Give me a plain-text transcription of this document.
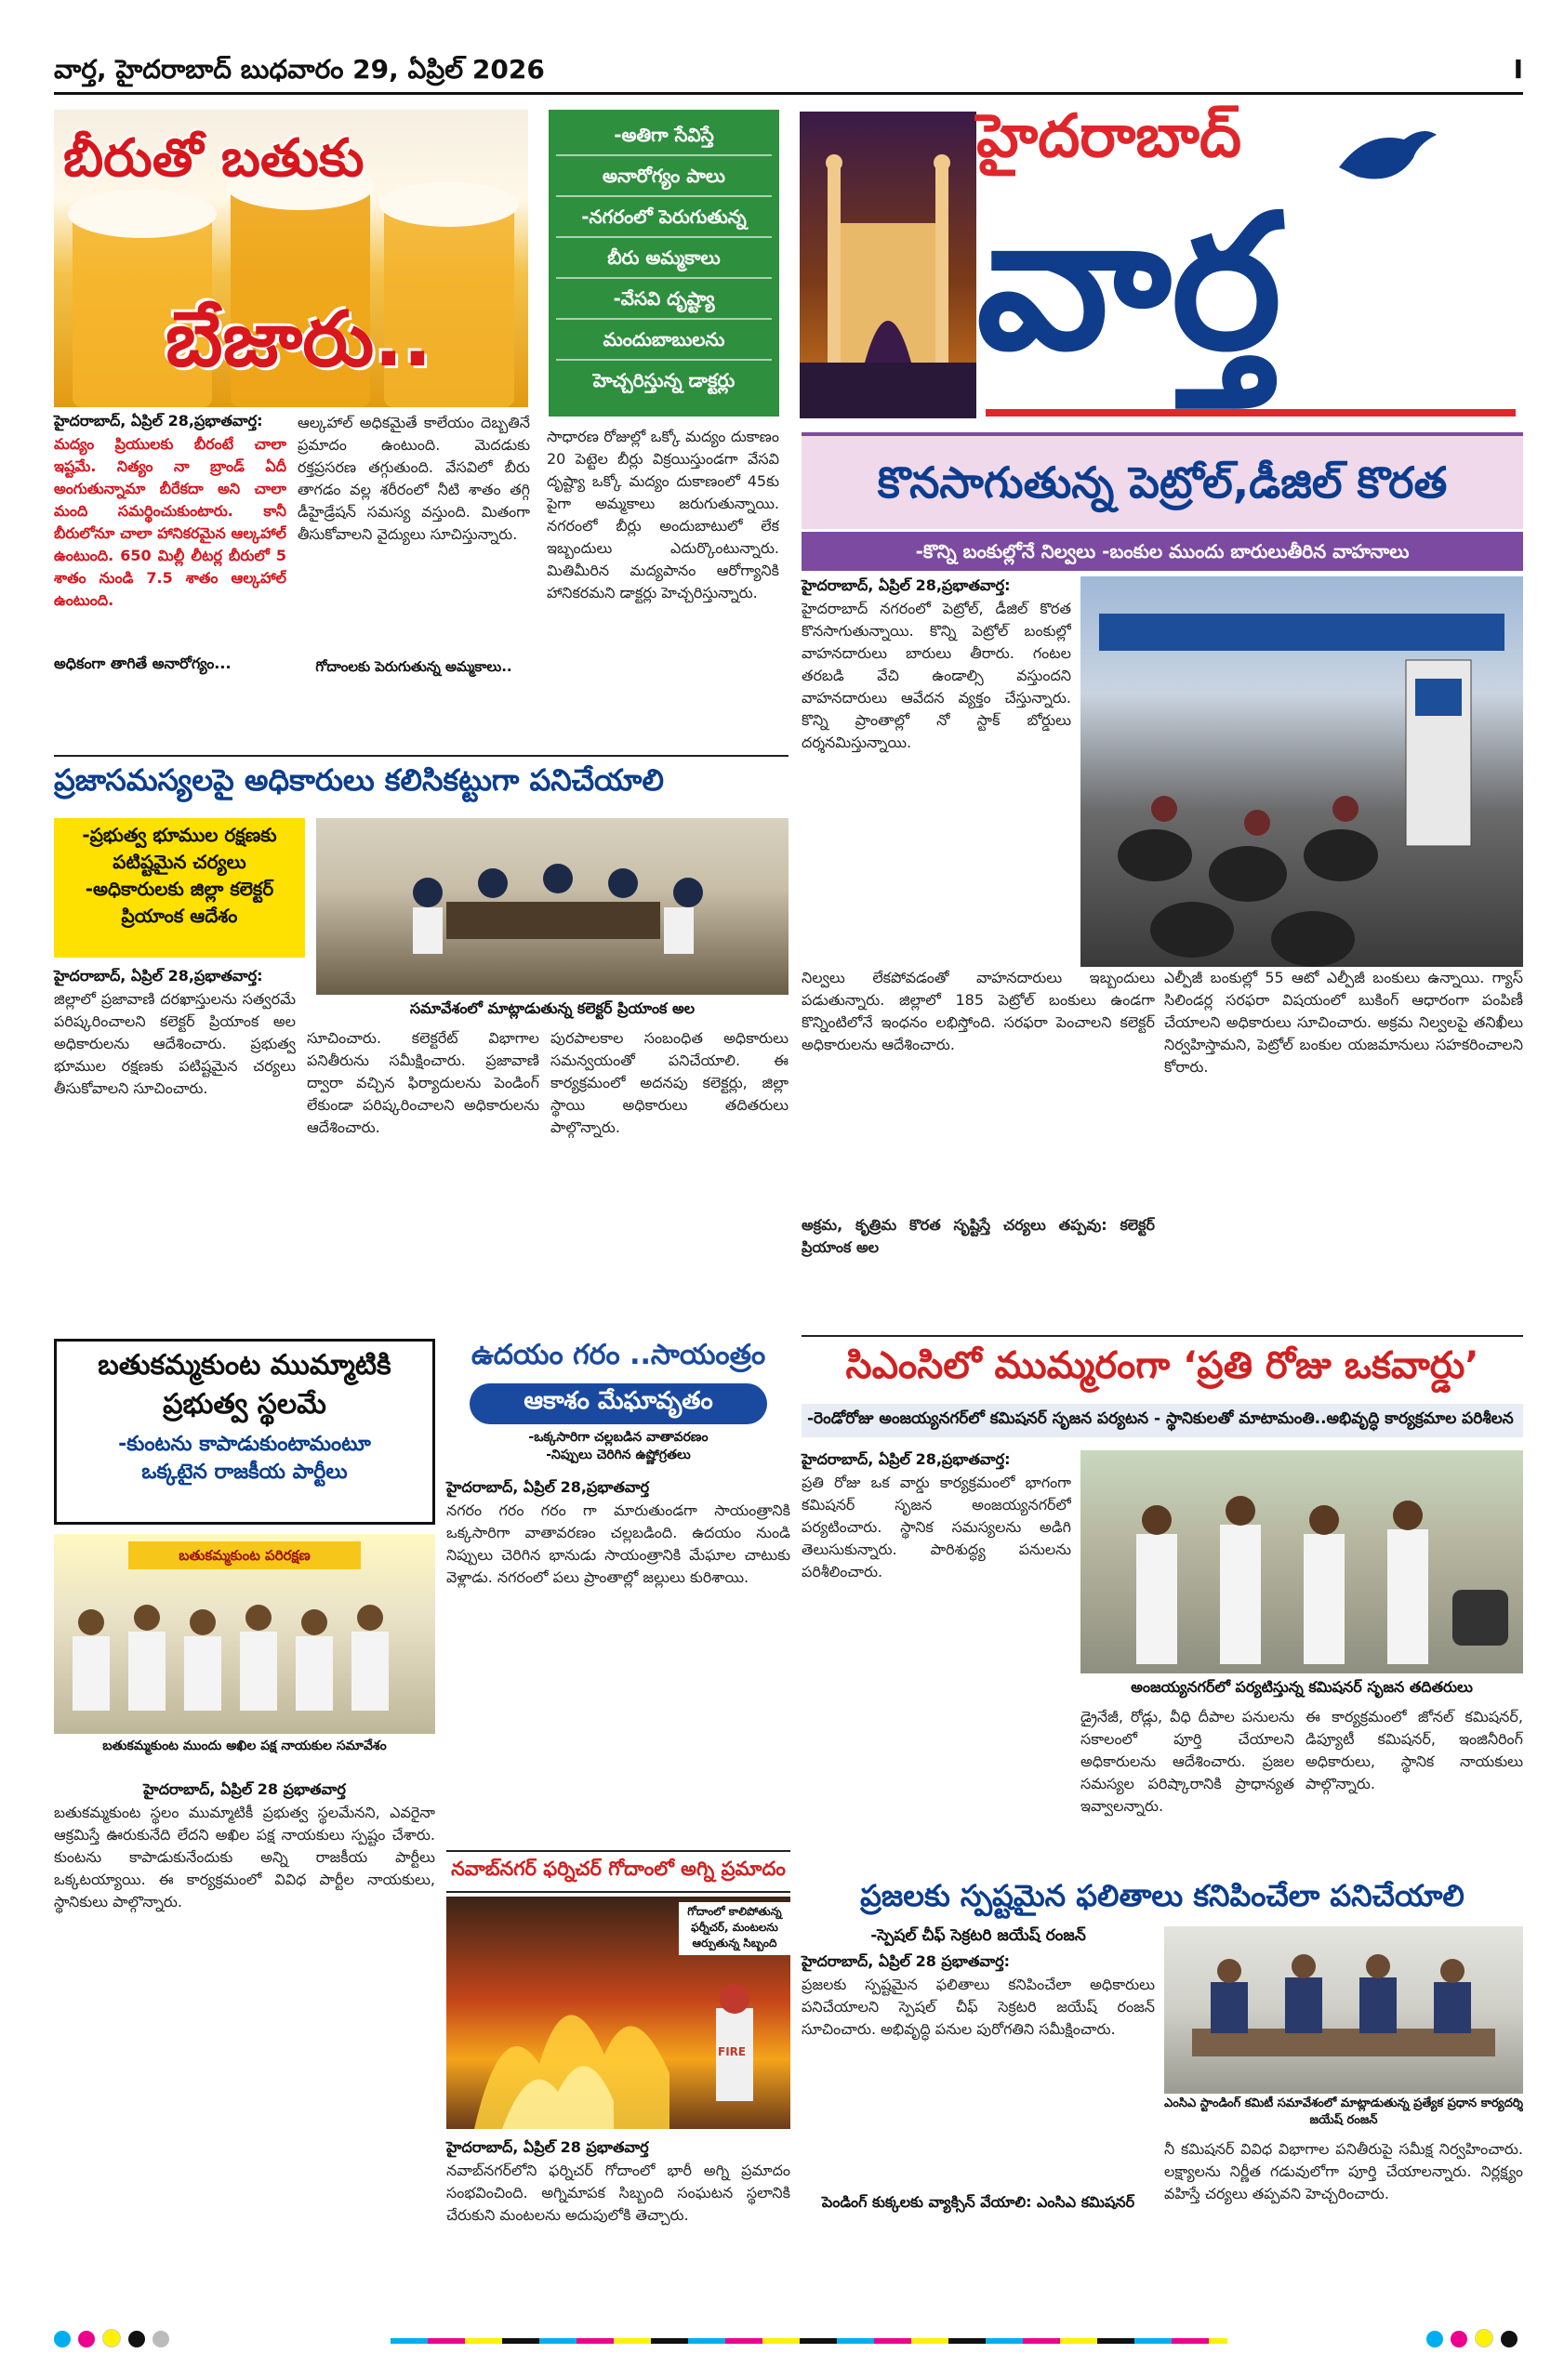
వార్త, హైదరాబాద్ బుధవారం 29, ఏప్రిల్ 2026	I
బీరుతో బతుకు
బేజారు..
-అతిగా సేవిస్తే
అనారోగ్యం పాలు
-నగరంలో పెరుగుతున్న
బీరు అమ్మకాలు
-వేసవి దృష్ట్యా
మందుబాబులను
హెచ్చరిస్తున్న డాక్టర్లు
హైదరాబాద్, ఏప్రిల్ 28,ప్రభాతవార్త:
మద్యం ప్రియులకు బీరంటే చాలా ఇష్టమే. నిత్యం నా బ్రాండ్ ఏదీ అంగుతున్నామా బీరేకదా అని చాలా మంది సమర్థించుకుంటారు. కానీ బీరులోనూ చాలా హానికరమైన ఆల్కహాల్ ఉంటుంది. 650 మిల్లీ లీటర్ల బీరులో 5 శాతం నుండి 7.5 శాతం ఆల్కహాల్ ఉంటుంది.
అధికంగా తాగితే అనారోగ్యం...
ఆల్కహాల్ అధికమైతే కాలేయం దెబ్బతినే ప్రమాదం ఉంటుంది. మెదడుకు రక్తప్రసరణ తగ్గుతుంది. వేసవిలో బీరు తాగడం వల్ల శరీరంలో నీటి శాతం తగ్గి డీహైడ్రేషన్ సమస్య వస్తుంది. మితంగా తీసుకోవాలని వైద్యులు సూచిస్తున్నారు.
గోదాంలకు పెరుగుతున్న అమ్మకాలు..
సాధారణ రోజుల్లో ఒక్కో మద్యం దుకాణం 20 పెట్టెల బీర్లు విక్రయిస్తుండగా వేసవి దృష్ట్యా ఒక్కో మద్యం దుకాణంలో 45కు పైగా అమ్మకాలు జరుగుతున్నాయి. నగరంలో బీర్లు అందుబాటులో లేక ఇబ్బందులు ఎదుర్కొంటున్నారు. మితిమీరిన మద్యపానం ఆరోగ్యానికి హానికరమని డాక్టర్లు హెచ్చరిస్తున్నారు.
హైదరాబాద్
వార్త
కొనసాగుతున్న పెట్రోల్,డీజిల్ కొరత
-కొన్ని బంకుల్లోనే నిల్వలు -బంకుల ముందు బారులుతీరిన వాహనాలు
హైదరాబాద్, ఏప్రిల్ 28,ప్రభాతవార్త:
హైదరాబాద్ నగరంలో పెట్రోల్, డీజిల్ కొరత కొనసాగుతున్నాయి. కొన్ని పెట్రోల్ బంకుల్లో వాహనదారులు బారులు తీరారు. గంటల తరబడి వేచి ఉండాల్సి వస్తుందని వాహనదారులు ఆవేదన వ్యక్తం చేస్తున్నారు. కొన్ని ప్రాంతాల్లో నో స్టాక్ బోర్డులు దర్శనమిస్తున్నాయి.
నిల్వలు లేకపోవడంతో వాహనదారులు ఇబ్బందులు పడుతున్నారు. జిల్లాలో 185 పెట్రోల్ బంకులు ఉండగా కొన్నింటిలోనే ఇంధనం లభిస్తోంది. సరఫరా పెంచాలని కలెక్టర్ అధికారులను ఆదేశించారు.
అక్రమ, కృత్రిమ కొరత సృష్టిస్తే చర్యలు తప్పవు: కలెక్టర్ ప్రియాంక అల
ఎల్పీజీ బంకుల్లో 55 ఆటో ఎల్పీజీ బంకులు ఉన్నాయి. గ్యాస్ సిలిండర్ల సరఫరా విషయంలో బుకింగ్ ఆధారంగా పంపిణీ చేయాలని అధికారులు సూచించారు. అక్రమ నిల్వలపై తనిఖీలు నిర్వహిస్తామని, పెట్రోల్ బంకుల యజమానులు సహకరించాలని కోరారు.
ప్రజాసమస్యలపై అధికారులు కలిసికట్టుగా పనిచేయాలి
-ప్రభుత్వ భూముల రక్షణకు
పటిష్టమైన చర్యలు
-అధికారులకు జిల్లా కలెక్టర్
ప్రియాంక ఆదేశం
సమావేశంలో మాట్లాడుతున్న కలెక్టర్ ప్రియాంక అల
హైదరాబాద్, ఏప్రిల్ 28,ప్రభాతవార్త:
జిల్లాలో ప్రజావాణి దరఖాస్తులను సత్వరమే పరిష్కరించాలని కలెక్టర్ ప్రియాంక అల అధికారులను ఆదేశించారు. ప్రభుత్వ భూముల రక్షణకు పటిష్టమైన చర్యలు తీసుకోవాలని సూచించారు.
సూచించారు. కలెక్టరేట్ విభాగాల పనితీరును సమీక్షించారు. ప్రజావాణి ద్వారా వచ్చిన ఫిర్యాదులను పెండింగ్ లేకుండా పరిష్కరించాలని అధికారులను ఆదేశించారు.
పురపాలకాల సంబంధిత అధికారులు సమన్వయంతో పనిచేయాలి. ఈ కార్యక్రమంలో అదనపు కలెక్టర్లు, జిల్లా స్థాయి అధికారులు తదితరులు పాల్గొన్నారు.
బతుకమ్మకుంట ముమ్మాటికి
ప్రభుత్వ స్థలమే
-కుంటను కాపాడుకుంటామంటూ
ఒక్కటైన రాజకీయ పార్టీలు
బతుకమ్మకుంట పరిరక్షణ
బతుకమ్మకుంట ముందు అఖిల పక్ష నాయకుల సమావేశం
హైదరాబాద్, ఏప్రిల్ 28 ప్రభాతవార్త
బతుకమ్మకుంట స్థలం ముమ్మాటికీ ప్రభుత్వ స్థలమేనని, ఎవరైనా ఆక్రమిస్తే ఊరుకునేది లేదని అఖిల పక్ష నాయకులు స్పష్టం చేశారు. కుంటను కాపాడుకునేందుకు అన్ని రాజకీయ పార్టీలు ఒక్కటయ్యాయి. ఈ కార్యక్రమంలో వివిధ పార్టీల నాయకులు, స్థానికులు పాల్గొన్నారు.
ఉదయం గరం ..సాయంత్రం
ఆకాశం మేఘావృతం
-ఒక్కసారిగా చల్లబడిన వాతావరణం
-నిప్పులు చెరిగిన ఉష్ణోగ్రతలు
హైదరాబాద్, ఏప్రిల్ 28,ప్రభాతవార్త
నగరం గరం గరం గా మారుతుండగా సాయంత్రానికి ఒక్కసారిగా వాతావరణం చల్లబడింది. ఉదయం నుండి నిప్పులు చెరిగిన భానుడు సాయంత్రానికి మేఘాల చాటుకు వెళ్లాడు. నగరంలో పలు ప్రాంతాల్లో జల్లులు కురిశాయి.
నవాబ్‌నగర్ ఫర్నిచర్ గోదాంలో అగ్ని ప్రమాదం
FIRE
గోదాంలో కాలిపోతున్న ఫర్నీచర్, మంటలను ఆర్పుతున్న సిబ్బంది
హైదరాబాద్, ఏప్రిల్ 28 ప్రభాతవార్త
నవాబ్‌నగర్‌లోని ఫర్నిచర్ గోదాంలో భారీ అగ్ని ప్రమాదం సంభవించింది. అగ్నిమాపక సిబ్బంది సంఘటన స్థలానికి చేరుకుని మంటలను అదుపులోకి తెచ్చారు.
సిఎంసిలో ముమ్మరంగా ‘ప్రతి రోజు ఒకవార్డు’
-రెండోరోజు అంజయ్యనగర్‌లో కమిషనర్ సృజన పర్యటన - స్థానికులతో మాటామంతి..అభివృద్ధి కార్యక్రమాల పరిశీలన
హైదరాబాద్, ఏప్రిల్ 28,ప్రభాతవార్త:
ప్రతి రోజు ఒక వార్డు కార్యక్రమంలో భాగంగా కమిషనర్ సృజన అంజయ్యనగర్‌లో పర్యటించారు. స్థానిక సమస్యలను అడిగి తెలుసుకున్నారు. పారిశుద్ధ్య పనులను పరిశీలించారు.
అంజయ్యనగర్‌లో పర్యటిస్తున్న కమిషనర్ సృజన తదితరులు
డ్రైనేజీ, రోడ్లు, వీధి దీపాల పనులను సకాలంలో పూర్తి చేయాలని అధికారులను ఆదేశించారు. ప్రజల సమస్యల పరిష్కారానికి ప్రాధాన్యత ఇవ్వాలన్నారు.
ఈ కార్యక్రమంలో జోనల్ కమిషనర్, డిప్యూటీ కమిషనర్, ఇంజినీరింగ్ అధికారులు, స్థానిక నాయకులు పాల్గొన్నారు.
ప్రజలకు స్పష్టమైన ఫలితాలు కనిపించేలా పనిచేయాలి
-స్పెషల్ చీఫ్ సెక్రటరి జయేష్ రంజన్
హైదరాబాద్, ఏప్రిల్ 28 ప్రభాతవార్త:
ప్రజలకు స్పష్టమైన ఫలితాలు కనిపించేలా అధికారులు పనిచేయాలని స్పెషల్ చీఫ్ సెక్రటరి జయేష్ రంజన్ సూచించారు. అభివృద్ధి పనుల పురోగతిని సమీక్షించారు.
పెండింగ్ కుక్కలకు వ్యాక్సిన్ వేయాలి: ఎంసిఎ కమిషనర్
ఎంసిఎ స్టాండింగ్ కమిటీ సమావేశంలో మాట్లాడుతున్న ప్రత్యేక ప్రధాన కార్యదర్శి జయేష్ రంజన్
నీ కమిషనర్ వివిధ విభాగాల పనితీరుపై సమీక్ష నిర్వహించారు. లక్ష్యాలను నిర్ణీత గడువులోగా పూర్తి చేయాలన్నారు. నిర్లక్ష్యం వహిస్తే చర్యలు తప్పవని హెచ్చరించారు.
